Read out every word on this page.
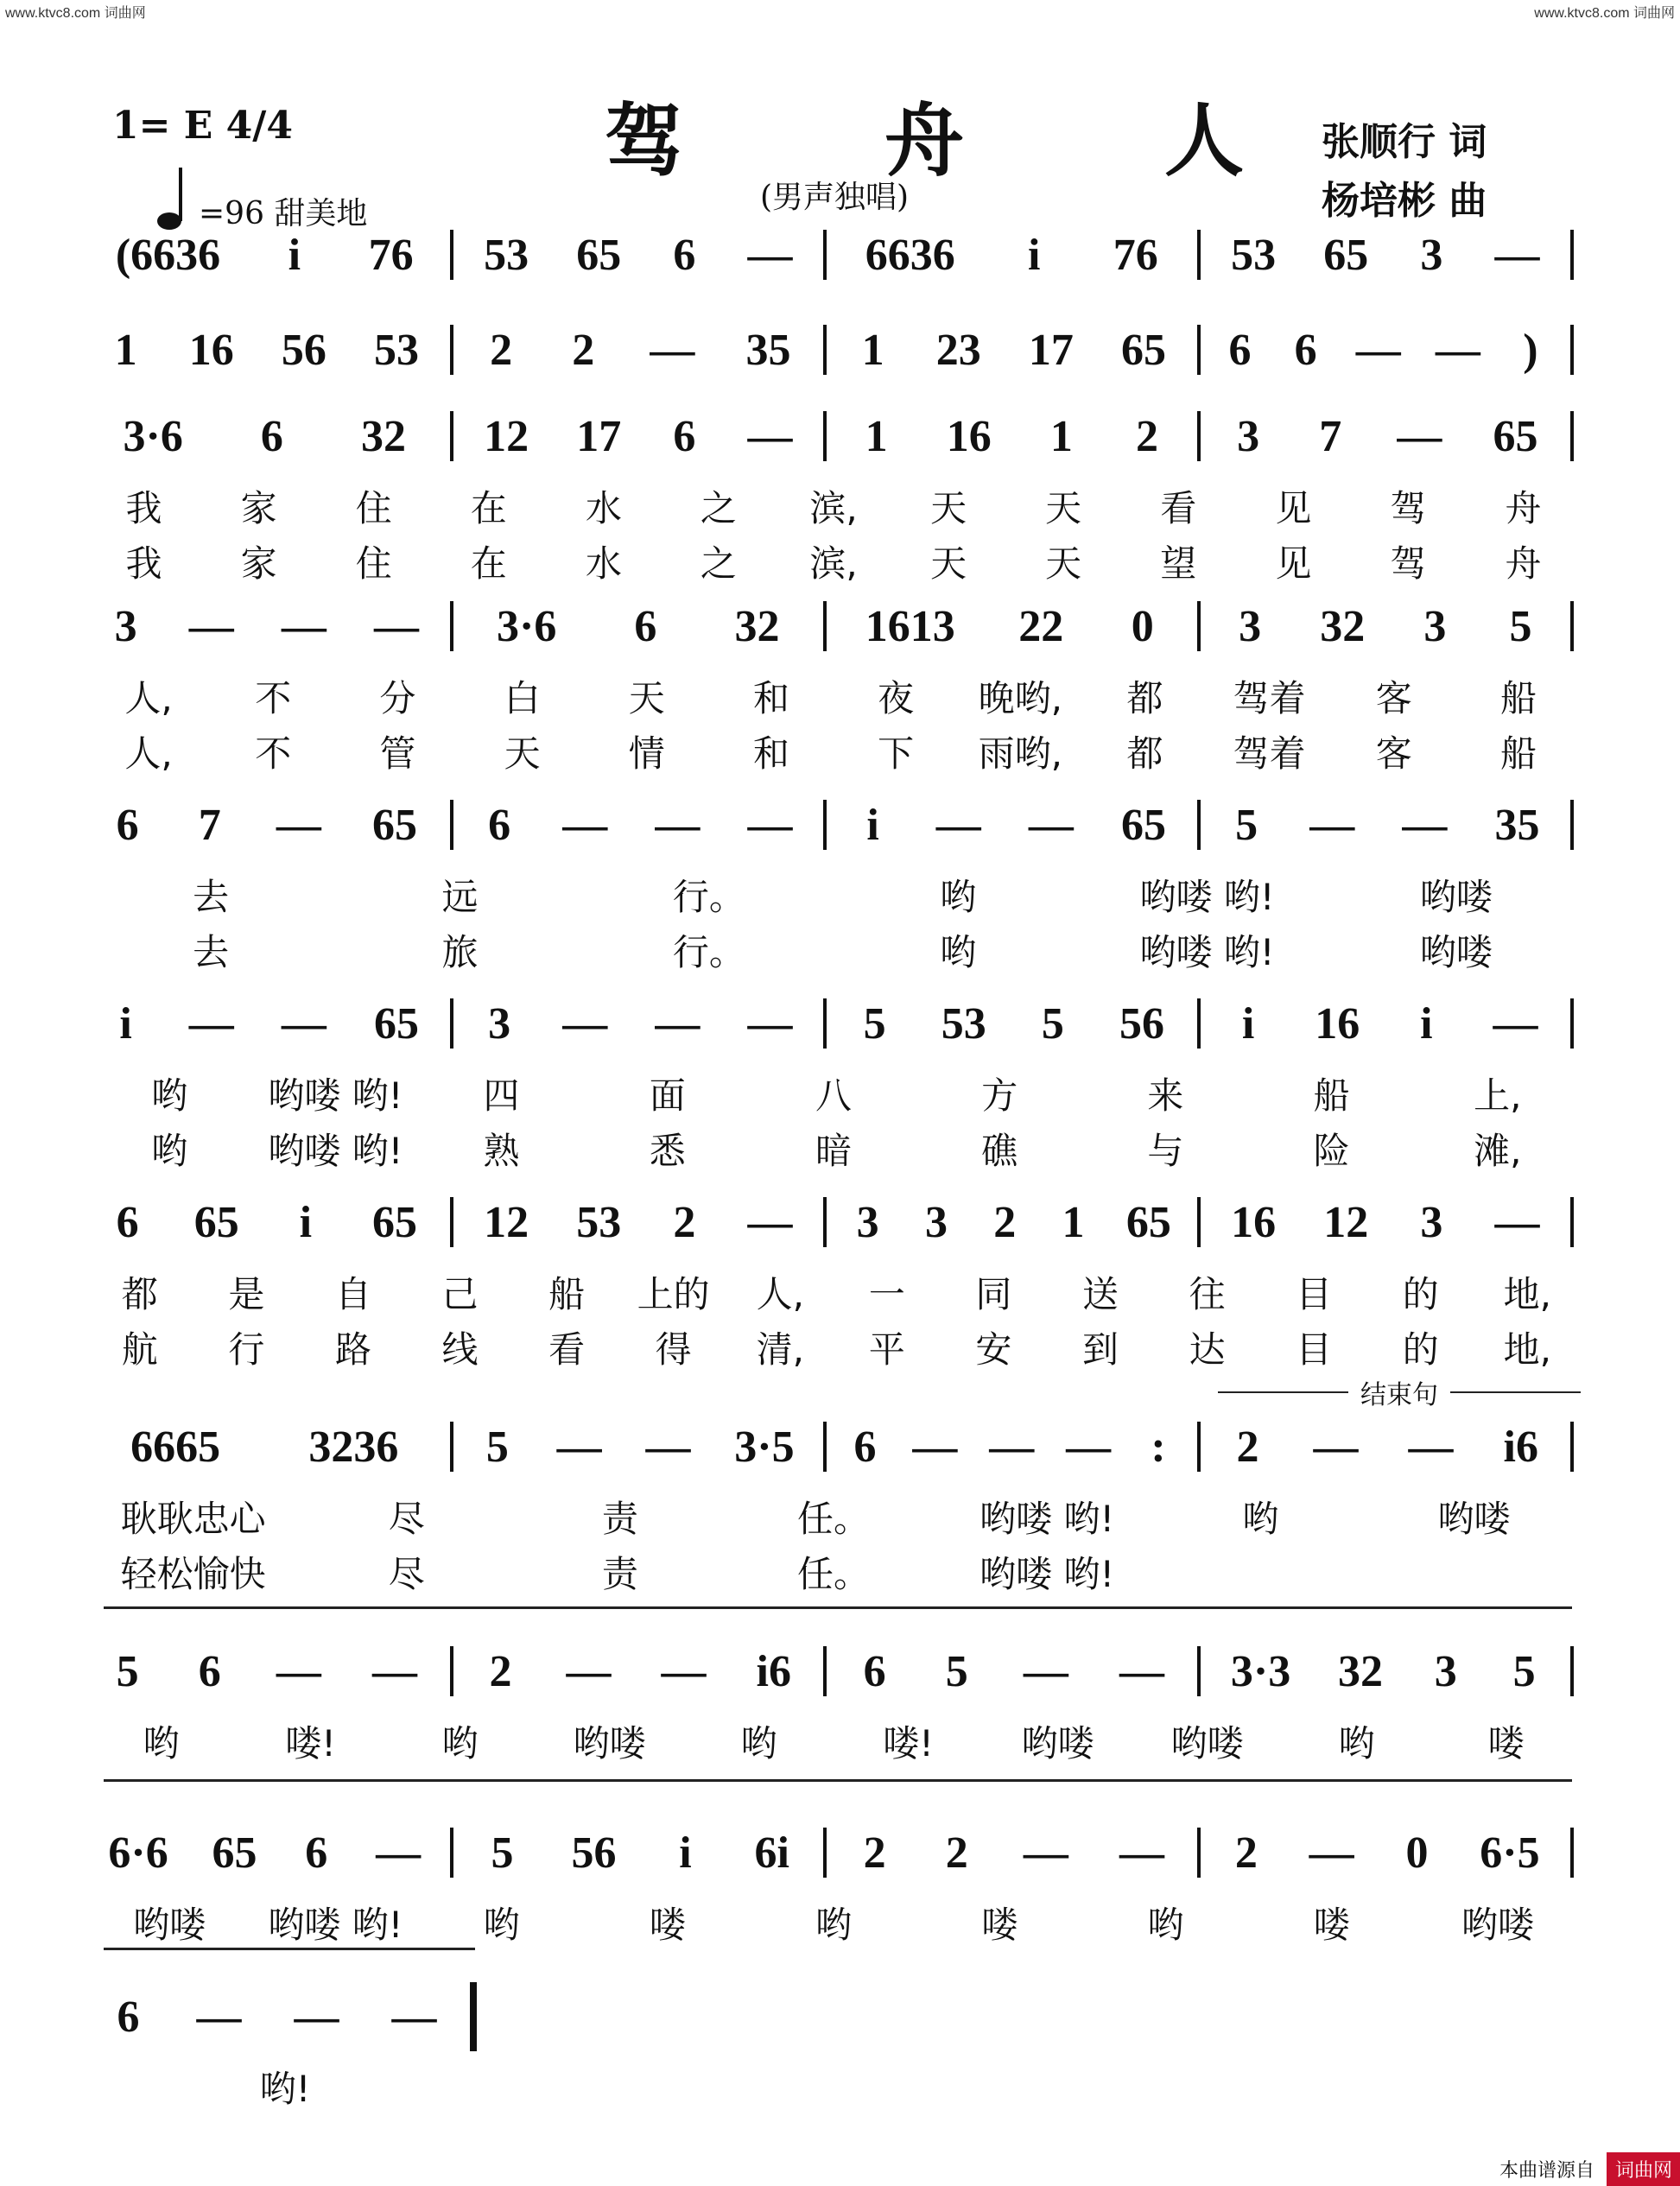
www.ktvc8.com 词曲网	www.ktvc8.com 词曲网
1= E 4/4
=96 甜美地
驾 舟 人
(男声独唱)
张顺行 词
杨培彬 曲
(6636 i 76 53 65 6 — 6636 i 76 53 65 3 —
1 16 56 53 2 2 — 35 1 23 17 65 6 6 — — )
3·6 6 32 12 17 6 — 1 16 1 2 3 7 — 65
我	家	住	在	水	之	滨,	天	天	看	见	驾	舟
我	家	住	在	水	之	滨,	天	天	望	见	驾	舟
3 — — — 3·6 6 32 1613 22 0 3 32 3 5
人,	不	分	白	天	和	夜	晚哟,	都	驾着	客	船
人,	不	管	天	情	和	下	雨哟,	都	驾着	客	船
6 7 — 65 6 — — — i — — 65 5 — — 35
去	远	行。	哟	哟喽 哟!	哟喽
去	旅	行。	哟	哟喽 哟!	哟喽
i — — 65 3 — — — 5 53 5 56 i 16 i —
哟	哟喽 哟!	四	面	八	方	来	船	上,
哟	哟喽 哟!	熟	悉	暗	礁	与	险	滩,
6 65 i 65 12 53 2 — 3 3 2 1 65 16 12 3 —
都	是	自	己	船	上的	人,	一	同	送	往	目	的	地,
航	行	路	线	看	得	清,	平	安	到	达	目	的	地,
6665 3236 5 — — 3·5 6 — — — : 2 — — i6
耿耿忠心	尽	责	任。	哟喽 哟!	哟	哟喽
轻松愉快	尽	责	任。	哟喽 哟!
5 6 — — 2 — — i6 6 5 — — 3·3 32 3 5
哟	喽!	哟	哟喽	哟	喽!	哟喽	哟喽	哟	喽
6·6 65 6 — 5 56 i 6i 2 2 — — 2 — 0 6·5
哟喽	哟喽 哟!	哟	喽	哟	喽	哟	喽	哟喽
6 — — —
哟!
结束句
本曲谱源自	词曲网
